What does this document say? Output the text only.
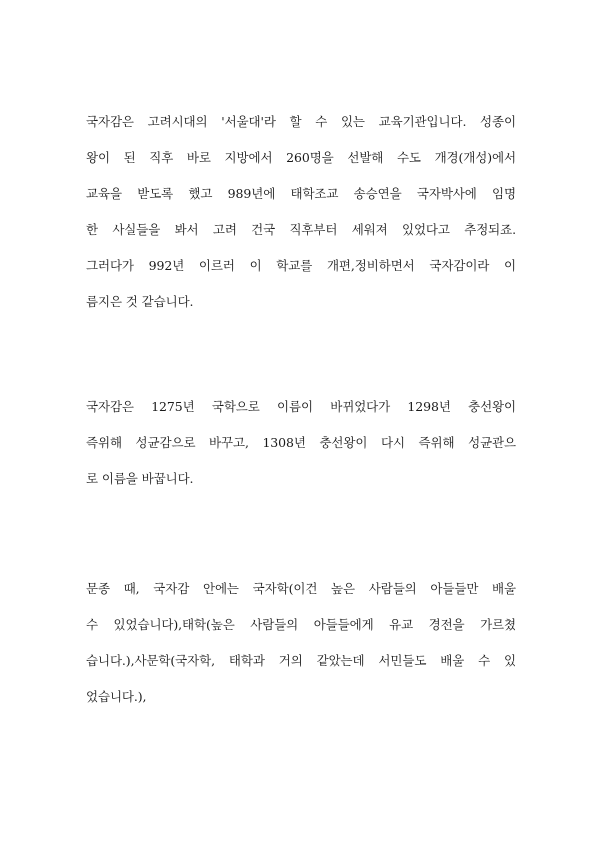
국자감은 고려시대의 '서울대'라 할 수 있는 교육기관입니다. 성종이
왕이 된 직후 바로 지방에서 260명을 선발해 수도 개경(개성)에서
교육을 받도록 했고 989년에 태학조교 송승연을 국자박사에 임명
한 사실들을 봐서 고려 건국 직후부터 세워져 있었다고 추정되죠.
그러다가 992년 이르러 이 학교를 개편,정비하면서 국자감이라 이
름지은 것 같습니다.
국자감은 1275년 국학으로 이름이 바뀌었다가 1298년 충선왕이
즉위해 성균감으로 바꾸고, 1308년 충선왕이 다시 즉위해 성균관으
로 이름을 바꿉니다.
문종 때, 국자감 안에는 국자학(이건 높은 사람들의 아들들만 배울
수 있었습니다),태학(높은 사람들의 아들들에게 유교 경전을 가르쳤
습니다.),사문학(국자학, 태학과 거의 같았는데 서민들도 배울 수 있
었습니다.),
